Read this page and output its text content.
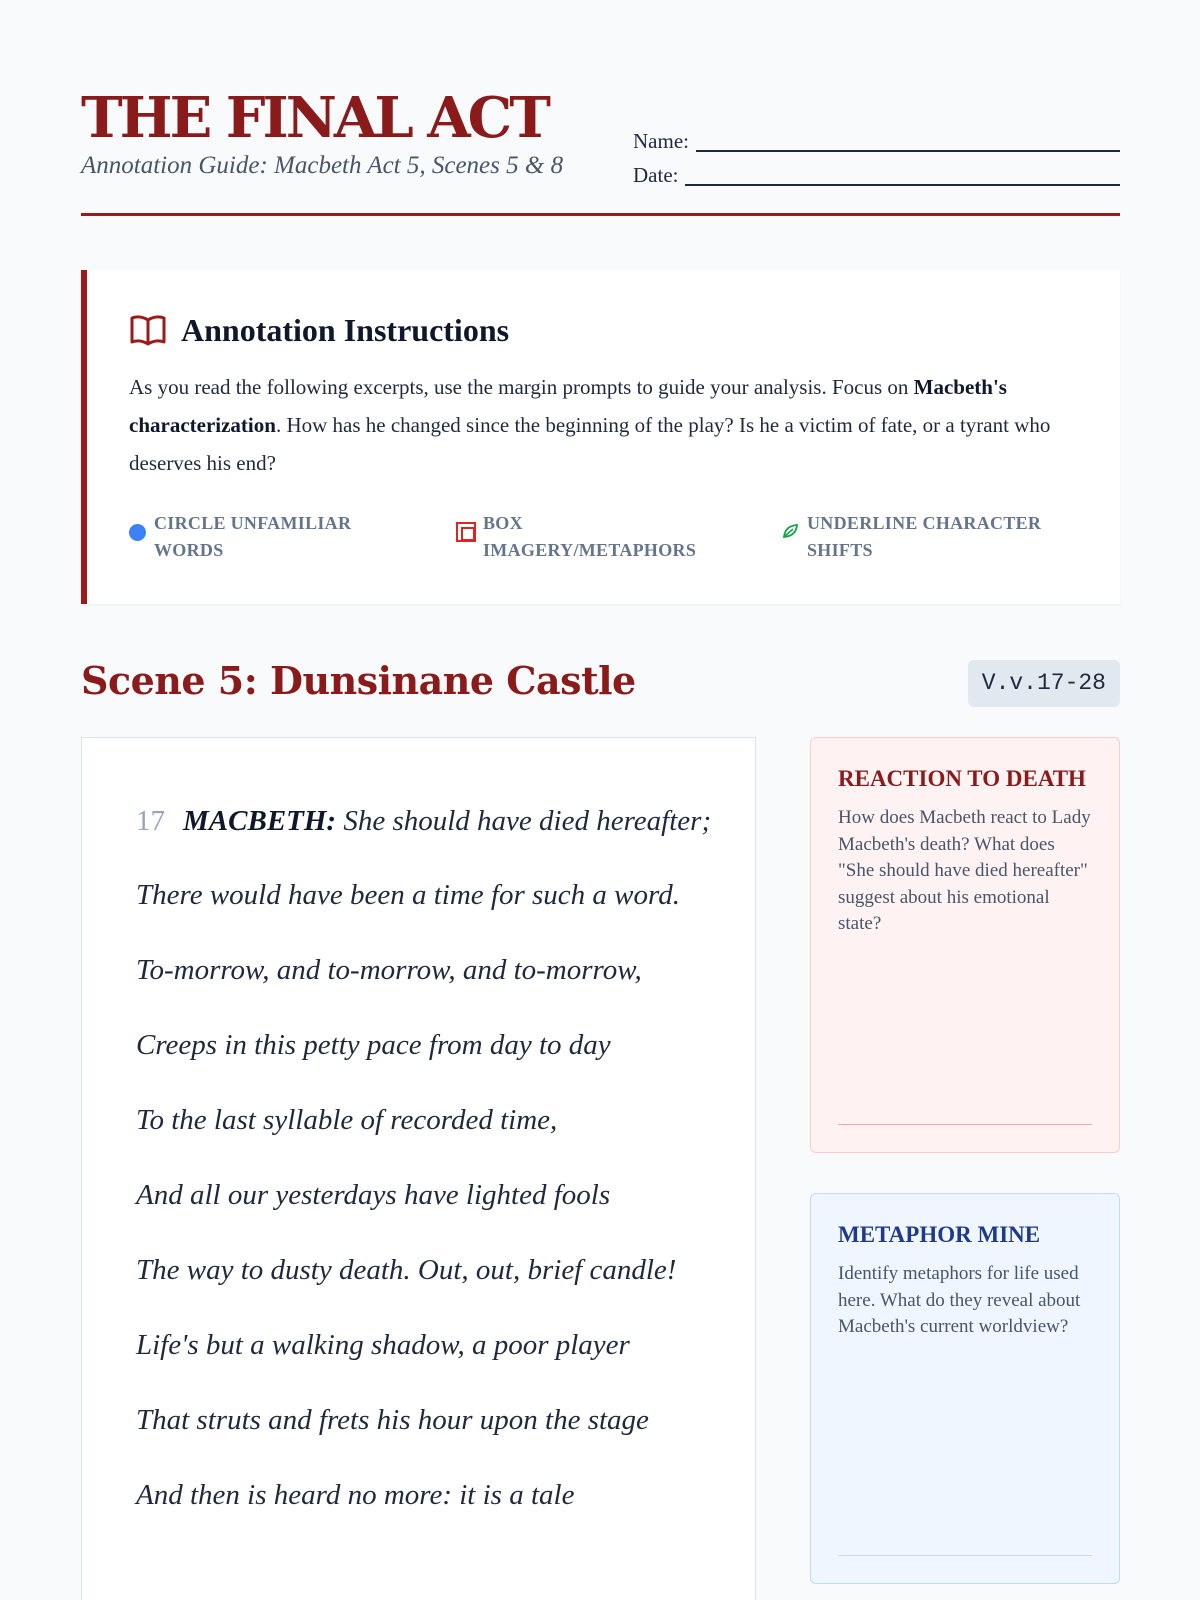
THE FINAL ACT
Annotation Guide: Macbeth Act 5, Scenes 5 & 8
Name:
Date:
Annotation Instructions
As you read the following excerpts, use the margin prompts to guide your analysis. Focus on Macbeth's characterization. How has he changed since the beginning of the play? Is he a victim of fate, or a tyrant who deserves his end?
CIRCLE UNFAMILIAR WORDS
BOX IMAGERY/METAPHORS
UNDERLINE CHARACTER SHIFTS
Scene 5: Dunsinane Castle	V.v.17-28
17 MACBETH: She should have died hereafter;
There would have been a time for such a word.
To-morrow, and to-morrow, and to-morrow,
Creeps in this petty pace from day to day
To the last syllable of recorded time,
And all our yesterdays have lighted fools
The way to dusty death. Out, out, brief candle!
Life's but a walking shadow, a poor player
That struts and frets his hour upon the stage
And then is heard no more: it is a tale
REACTION TO DEATH
How does Macbeth react to Lady Macbeth's death? What does "She should have died hereafter" suggest about his emotional state?
METAPHOR MINE
Identify metaphors for life used here. What do they reveal about Macbeth's current worldview?
